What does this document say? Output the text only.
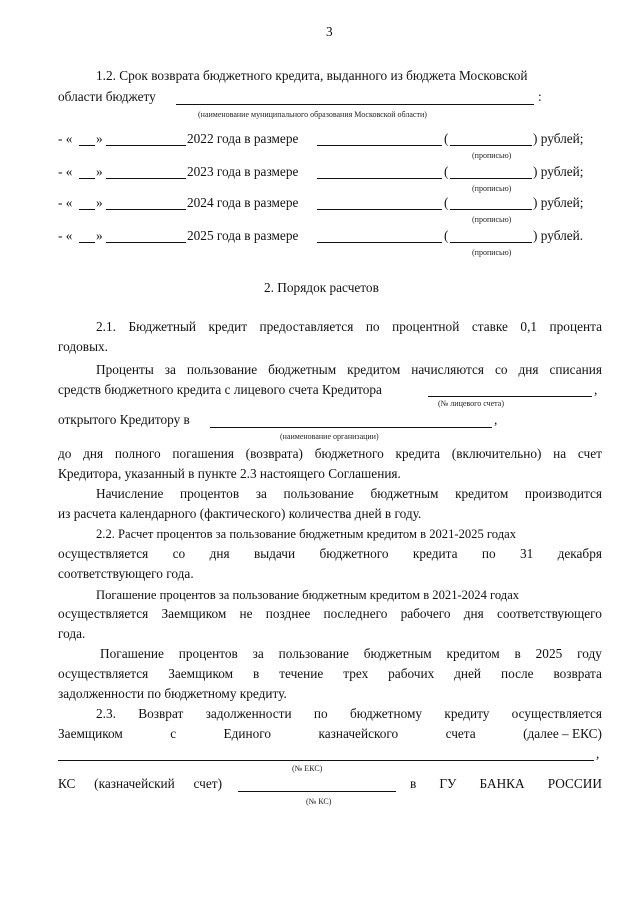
3
1.2. Срок возврата бюджетного кредита, выданного из бюджета Московской
области бюджету	:
(наименование муниципального образования Московской области)
- « »	2022 года в размере	(	) рублей;
(прописью)
- « »	2023 года в размере	(	) рублей;
(прописью)
- « »	2024 года в размере	(	) рублей;
(прописью)
- « »	2025 года в размере	(	) рублей.
(прописью)
2. Порядок расчетов
2.1. Бюджетный кредит предоставляется по процентной ставке 0,1 процента
годовых.
Проценты за пользование бюджетным кредитом начисляются со дня списания
средств бюджетного кредита с лицевого счета Кредитора	,
(№ лицевого счета)
открытого Кредитору в	,
(наименование организации)
до дня полного погашения (возврата) бюджетного кредита (включительно) на счет
Кредитора, указанный в пункте 2.3 настоящего Соглашения.
Начисление процентов за пользование бюджетным кредитом производится
из расчета календарного (фактического) количества дней в году.
2.2. Расчет процентов за пользование бюджетным кредитом в 2021-2025 годах
осуществляется со дня выдачи бюджетного кредита по 31 декабря
соответствующего года.
Погашение процентов за пользование бюджетным кредитом в 2021-2024 годах
осуществляется Заемщиком не позднее последнего рабочего дня соответствующего
года.
Погашение процентов за пользование бюджетным кредитом в 2025 году
осуществляется Заемщиком в течение трех рабочих дней после возврата
задолженности по бюджетному кредиту.
2.3. Возврат задолженности по бюджетному кредиту осуществляется
Заемщиком	с	Единого	казначейского	счета	(далее – ЕКС)
,
(№ ЕКС)
КС (казначейский счет)	в ГУ БАНКА РОССИИ
(№ КС)
